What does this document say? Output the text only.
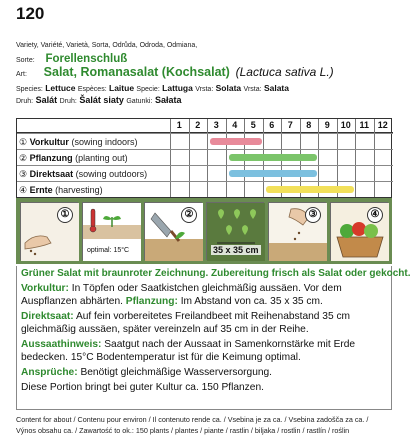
120
Variety, Variété, Varietà, Sorta, Odrůda, Odroda, Odmiana,
Sorte: Forellenschluß
Art: Salat, Romanasalat (Kochsalat) (Lactuca sativa L.)
Species: Lettuce Espèces: Laitue Specie: Lattuga Vrsta: Solata Vrsta: Salata
Druh: Salát Druh: Šalát siaty Gatunki: Sałata
1	2	3	4	5	6	7	8	9	10 11 12
① Vorkultur (sowing indoors)
② Pflanzung (planting out)
③ Direktsaat (sowing outdoors)
④ Ernte (harvesting)
①
optimal: 15°C
②
35 x 35 cm
③	④
Grüner Salat mit braunroter Zeichnung. Zubereitung frisch als Salat oder gekocht.
Vorkultur: In Töpfen oder Saatkistchen gleichmäßig aussäen. Vor dem
Auspflanzen abhärten. Pflanzung: Im Abstand von ca. 35 x 35 cm.
Direktsaat: Auf fein vorbereitetes Freilandbeet mit Reihenabstand 35 cm
gleichmäßig aussäen, später vereinzeln auf 35 cm in der Reihe.
Aussaathinweis: Saatgut nach der Aussaat in Samenkornstärke mit Erde
bedecken. 15°C Bodentemperatur ist für die Keimung optimal.
Ansprüche: Benötigt gleichmäßige Wasserversorgung.
Diese Portion bringt bei guter Kultur ca. 150 Pflanzen.
Content for about / Contenu pour environ / Il contenuto rende ca. / Vsebina je za ca. / Vsebina zadošča za ca. /
Výnos obsahu ca. / Zawartość to ok.: 150 plants / plantes / piante / rastlin / biljaka / rostlin / rastlín / roślin
